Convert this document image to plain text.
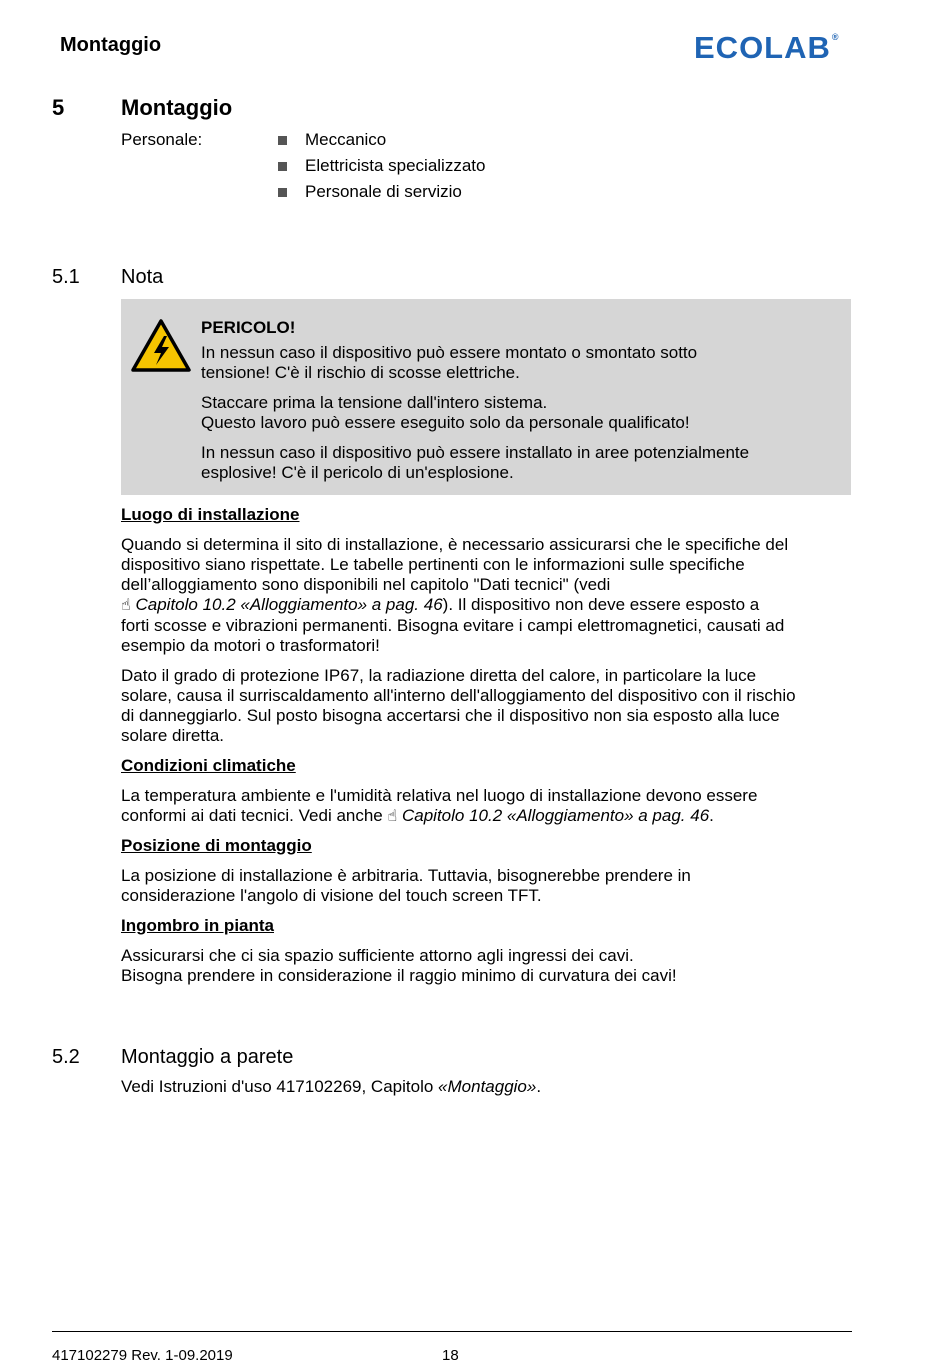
Montaggio	ECOLAB®
5	Montaggio
Personale:	Meccanico
Elettricista specializzato
Personale di servizio
5.1 Nota
PERICOLO!

In nessun caso il dispositivo può essere montato o smontato sotto

tensione! C'è il rischio di scosse elettriche.

Staccare prima la tensione dall'intero sistema.

Questo lavoro può essere eseguito solo da personale qualificato!

In nessun caso il dispositivo può essere installato in aree potenzialmente

esplosive! C'è il pericolo di un'esplosione.

Luogo di installazione

Quando si determina il sito di installazione, è necessario assicurarsi che le specifiche del

dispositivo siano rispettate. Le tabelle pertinenti con le informazioni sulle specifiche

dell’alloggiamento sono disponibili nel capitolo "Dati tecnici" (vedi

☝︎ Capitolo 10.2 «Alloggiamento» a pag. 46). Il dispositivo non deve essere esposto a

forti scosse e vibrazioni permanenti. Bisogna evitare i campi elettromagnetici, causati ad

esempio da motori o trasformatori!

Dato il grado di protezione IP67, la radiazione diretta del calore, in particolare la luce

solare, causa il surriscaldamento all'interno dell'alloggiamento del dispositivo con il rischio

di danneggiarlo. Sul posto bisogna accertarsi che il dispositivo non sia esposto alla luce

solare diretta.

Condizioni climatiche

La temperatura ambiente e l'umidità relativa nel luogo di installazione devono essere

conformi ai dati tecnici. Vedi anche ☝︎ Capitolo 10.2 «Alloggiamento» a pag. 46.

Posizione di montaggio

La posizione di installazione è arbitraria. Tuttavia, bisognerebbe prendere in

considerazione l'angolo di visione del touch screen TFT.

Ingombro in pianta

Assicurarsi che ci sia spazio sufficiente attorno agli ingressi dei cavi.

Bisogna prendere in considerazione il raggio minimo di curvatura dei cavi!

5.2 Montaggio a parete
Vedi Istruzioni d'uso 417102269, Capitolo «Montaggio».
417102279 Rev. 1-09.2019	18
